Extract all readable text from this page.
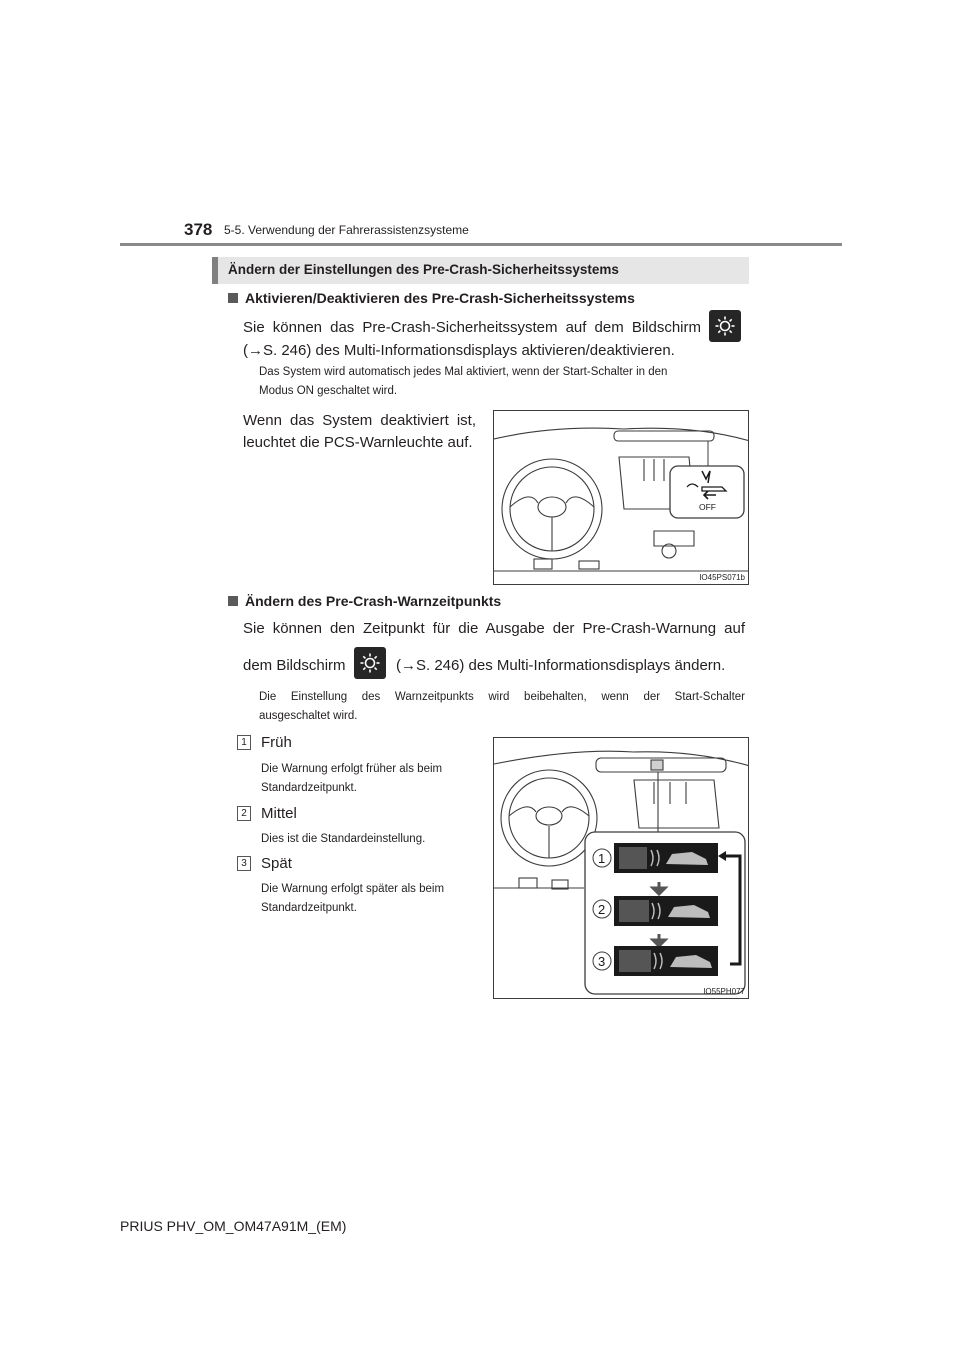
378 5-5. Verwendung der Fahrerassistenzsysteme
Ändern der Einstellungen des Pre-Crash-Sicherheitssystems
Aktivieren/Deaktivieren des Pre-Crash-Sicherheitssystems
Sie können das Pre-Crash-Sicherheitssystem auf dem Bildschirm
(→S. 246) des Multi-Informationsdisplays aktivieren/deaktivieren.
Das System wird automatisch jedes Mal aktiviert, wenn der Start-Schalter in den
Modus ON geschaltet wird.
Wenn das System deaktiviert ist,
leuchtet die PCS-Warnleuchte auf.
OFF
IO45PS071b
Ändern des Pre-Crash-Warnzeitpunkts
Sie können den Zeitpunkt für die Ausgabe der Pre-Crash-Warnung auf
dem Bildschirm	(→S. 246) des Multi-Informationsdisplays ändern.
Die Einstellung des Warnzeitpunkts wird beibehalten, wenn der Start-Schalter
ausgeschaltet wird.
1 Früh
Die Warnung erfolgt früher als beim
Standardzeitpunkt.
2 Mittel
Dies ist die Standardeinstellung.
3 Spät
Die Warnung erfolgt später als beim
Standardzeitpunkt.
1
2
3
IO55PH077
PRIUS PHV_OM_OM47A91M_(EM)
